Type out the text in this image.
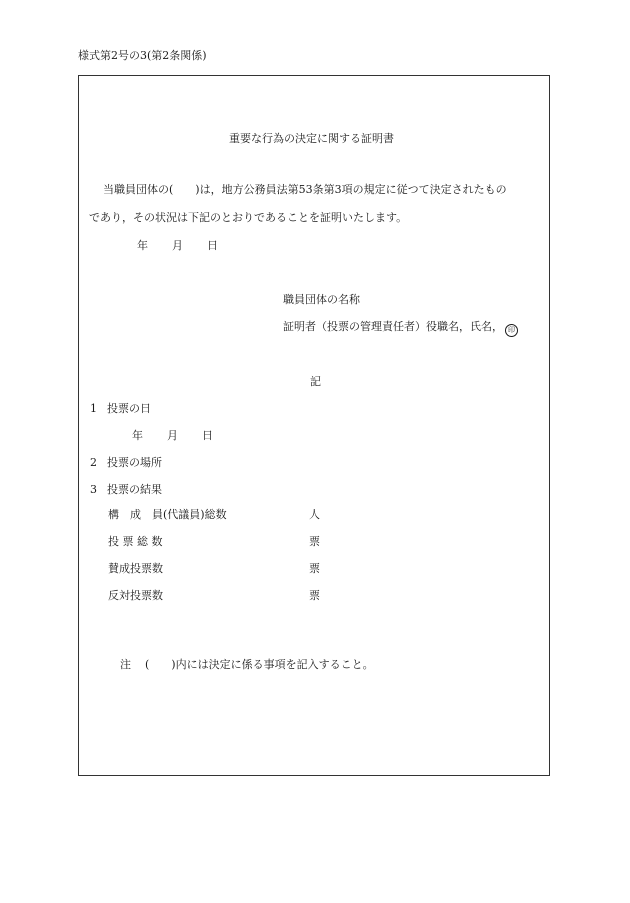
様式第2号の3(第2条関係)
重要な行為の決定に関する証明書
当職員団体の(　　)は，地方公務員法第53条第3項の規定に従つて決定されたもの
であり，その状況は下記のとおりであることを証明いたします。
年 月 日
職員団体の名称
証明者（投票の管理責任者）役職名，氏名， 印
記
1 投票の日
年 月 日
2 投票の場所
3 投票の結果
構　成　員(代議員)総数	人
投 票 総 数	票
賛成投票数	票
反対投票数	票
注 (　　)内には決定に係る事項を記入すること。
